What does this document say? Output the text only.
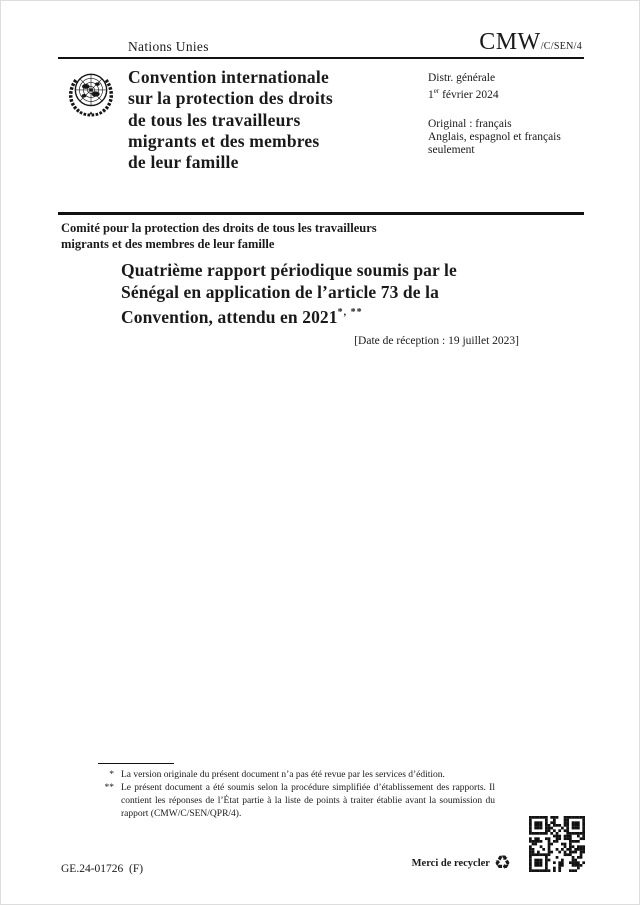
Nations Unies	CMW /C/SEN/4
Convention internationale
sur la protection des droits
de tous les travailleurs
migrants et des membres
de leur famille
Distr. générale
1er février 2024
Original : français
Anglais, espagnol et français
seulement
Comité pour la protection des droits de tous les travailleurs
migrants et des membres de leur famille
Quatrième rapport périodique soumis par le
Sénégal en application de l’article 73 de la
Convention, attendu en 2021*, **
[Date de réception : 19 juillet 2023]
* La version originale du présent document n’a pas été revue par les services d’édition.
** Le présent document a été soumis selon la procédure simplifiée d’établissement des rapports. Il contient les réponses de l’État partie à la liste de points à traiter établie avant la soumission du rapport (CMW/C/SEN/QPR/4).
GE.24-01726  (F)	Merci de recycler ♻
